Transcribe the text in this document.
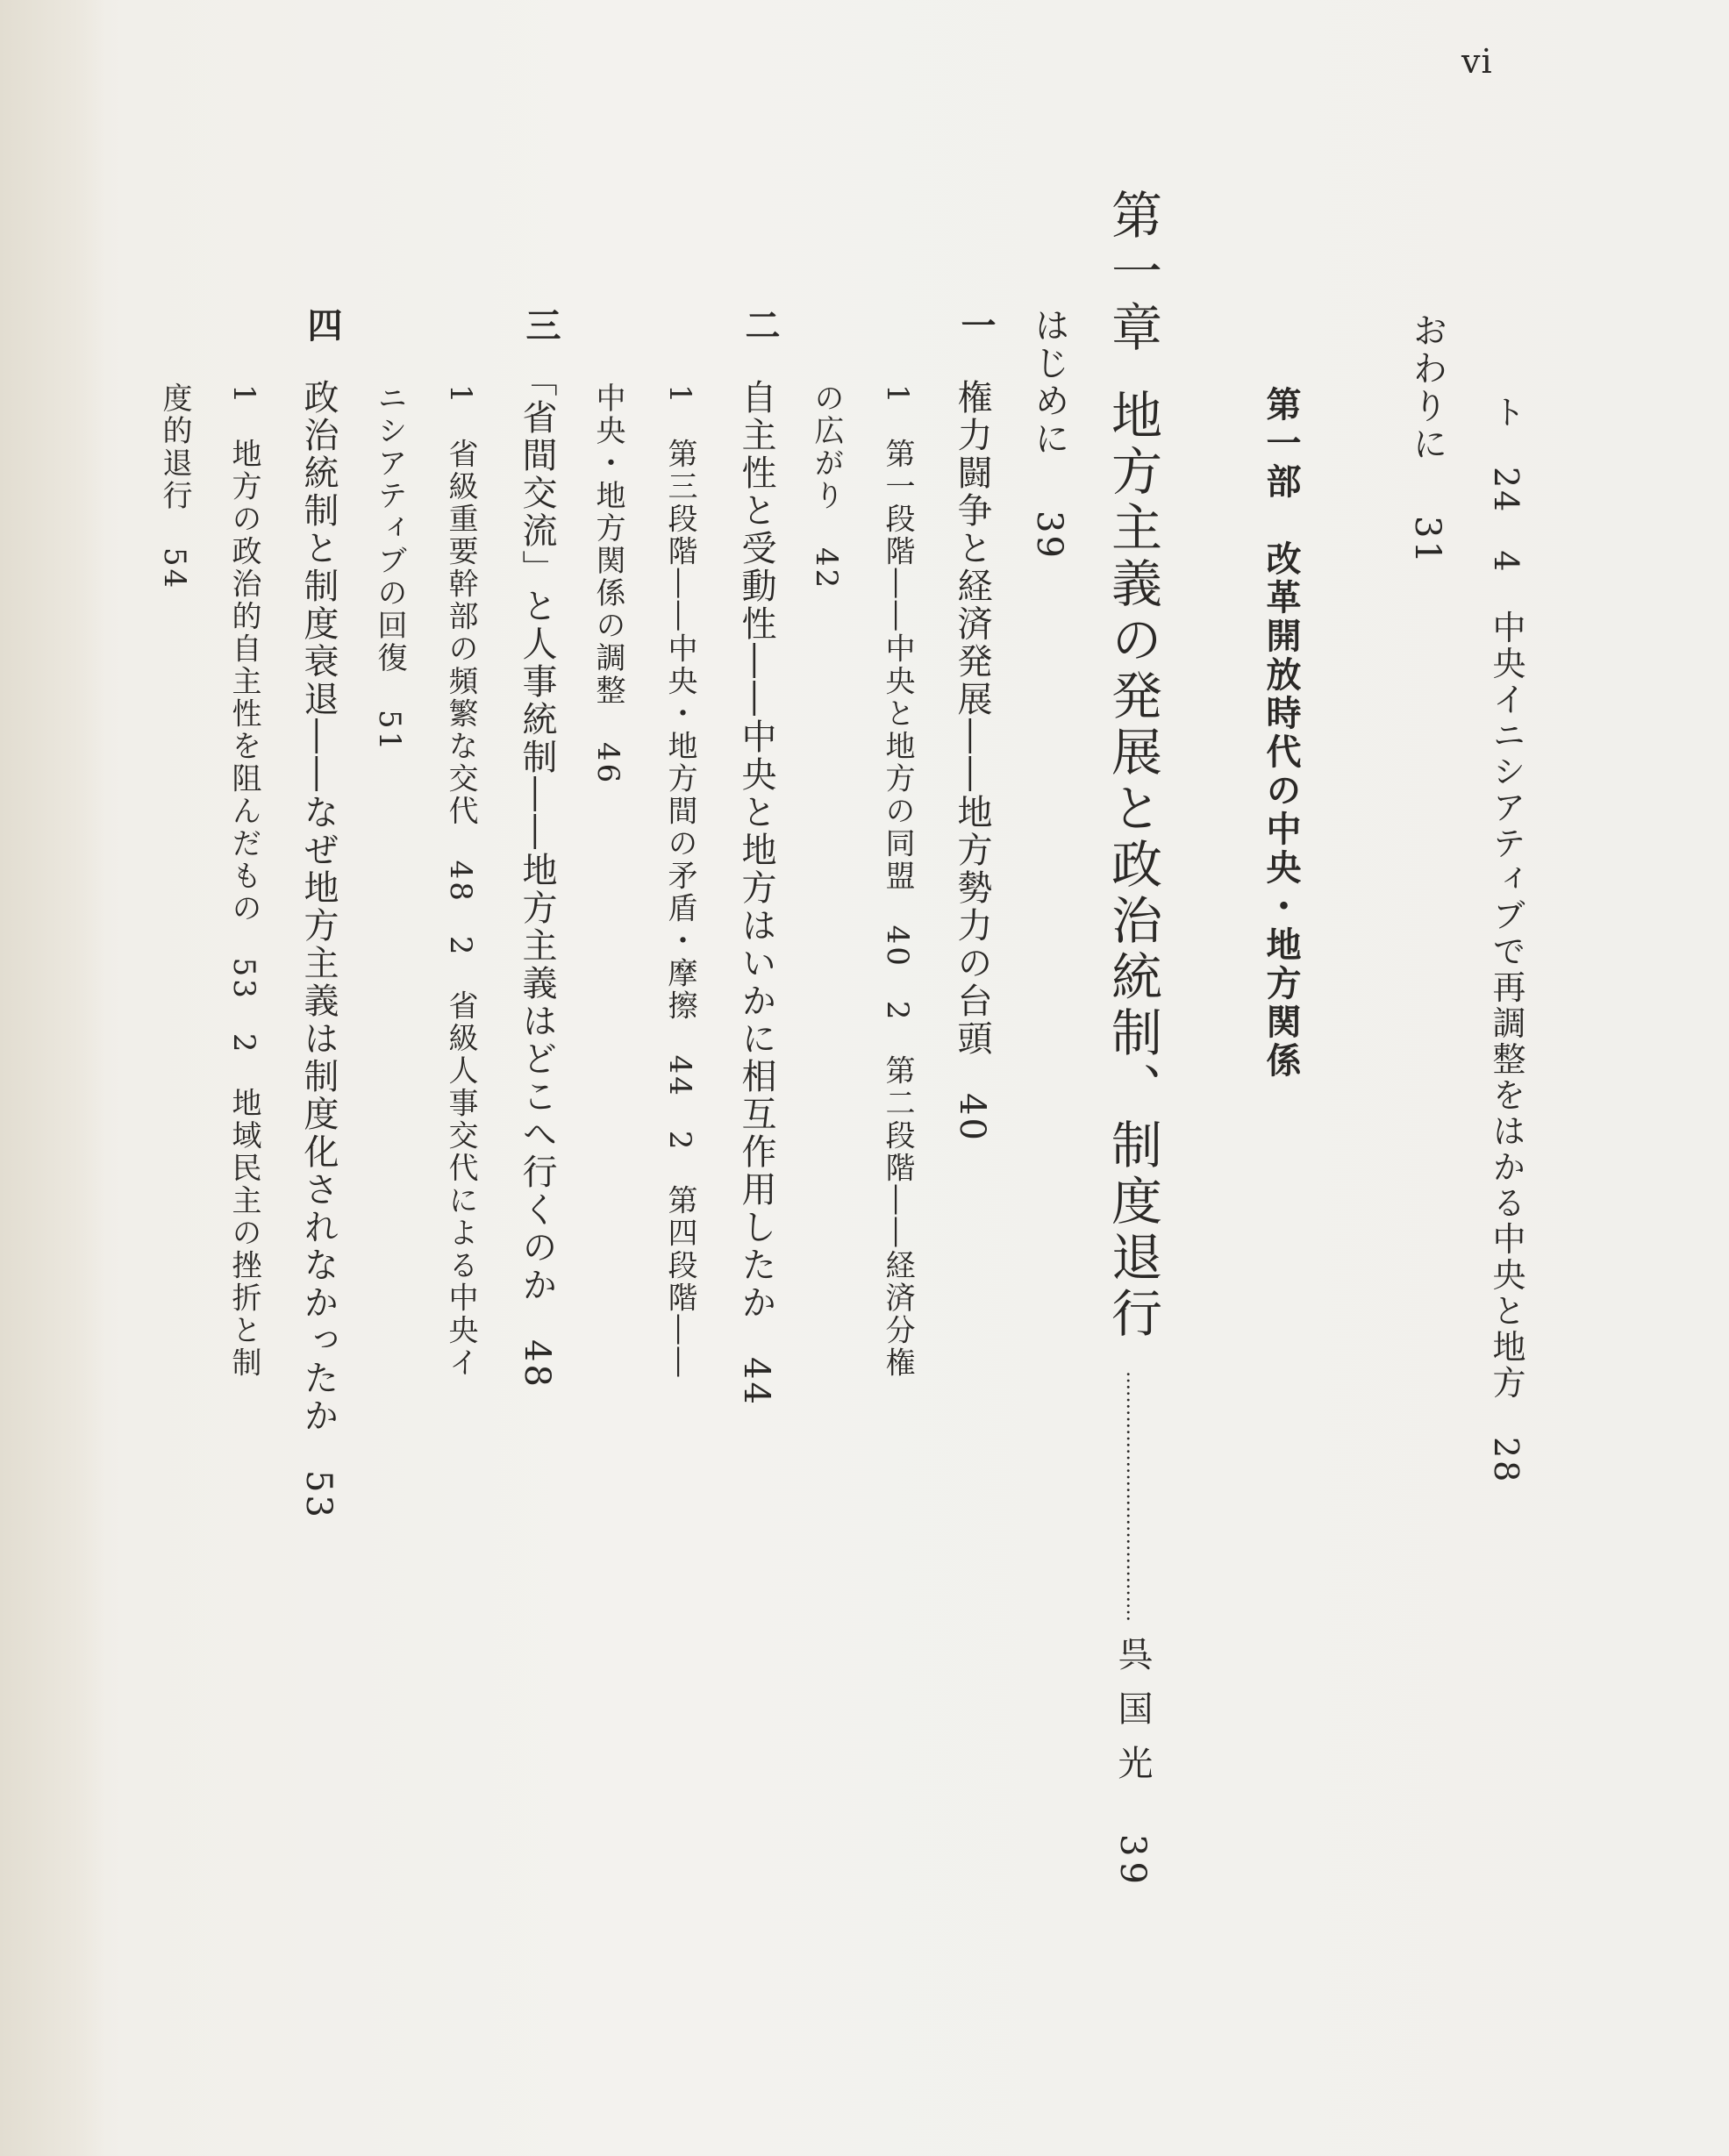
vi
ト　24　4　中央イニシアティブで再調整をはかる中央と地方28
おわりに31
第一部　改革開放時代の中央・地方関係
第一章地方主義の発展と政治統制、制度退行…………………………………呉国光39
はじめに39
一
権力闘争と経済発展――地方勢力の台頭40
1　第一段階――中央と地方の同盟　40　2　第二段階――経済分権
の広がり42
二
自主性と受動性――中央と地方はいかに相互作用したか44
1　第三段階――中央・地方間の矛盾・摩擦　44　2　第四段階――
中央・地方関係の調整46
三
「省間交流」と人事統制――地方主義はどこへ行くのか48
1　省級重要幹部の頻繁な交代　48　2　省級人事交代による中央イ
ニシアティブの回復51
四
政治統制と制度衰退――なぜ地方主義は制度化されなかったか53
1　地方の政治的自主性を阻んだもの　53　2　地域民主の挫折と制
度的退行54
